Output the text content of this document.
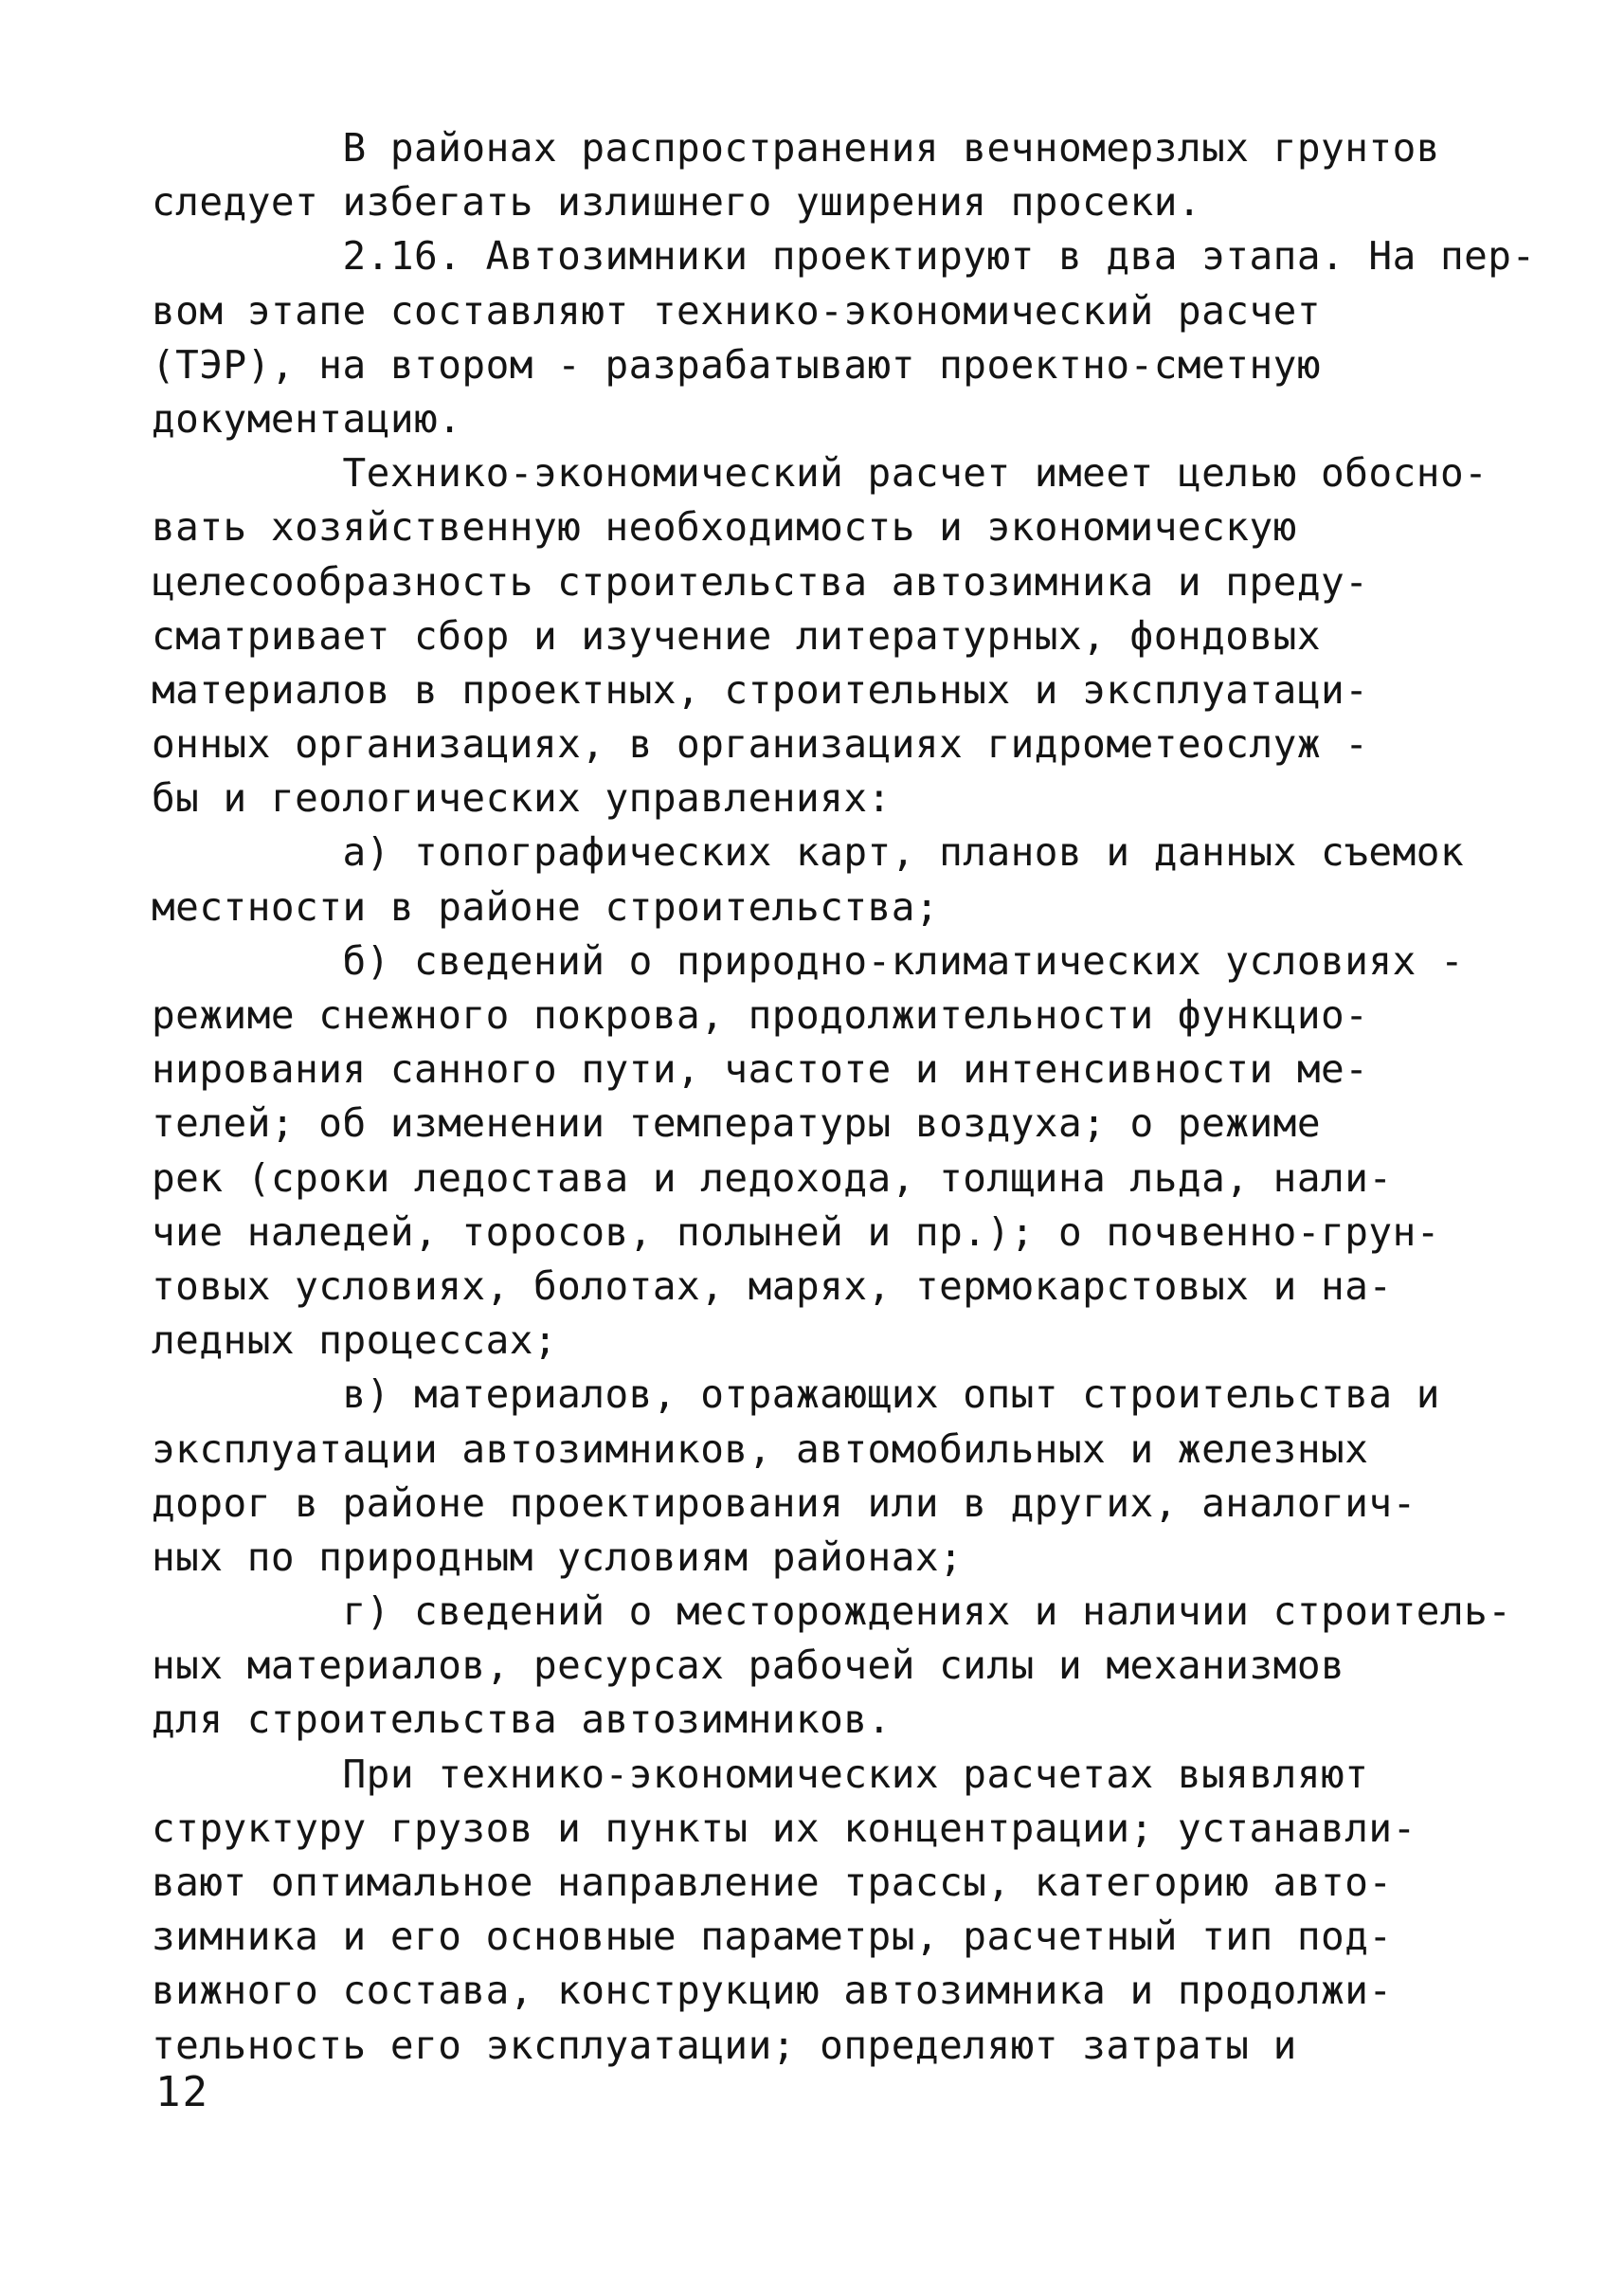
В районах распространения вечномерзлых грунтов
следует избегать излишнего уширения просеки.
2.16. Автозимники проектируют в два этапа. На пер-
вом этапе составляют технико-экономический расчет
(ТЭР), на втором - разрабатывают проектно-сметную
документацию.
Технико-экономический расчет имеет целью обосно-
вать хозяйственную необходимость и экономическую
целесообразность строительства автозимника и преду-
сматривает сбор и изучение литературных, фондовых
материалов в проектных, строительных и эксплуатаци-
онных организациях, в организациях гидрометеослуж -
бы и геологических управлениях:
а) топографических карт, планов и данных съемок
местности в районе строительства;
б) сведений о природно-климатических условиях -
режиме снежного покрова, продолжительности функцио-
нирования санного пути, частоте и интенсивности ме-
телей; об изменении температуры воздуха; о режиме
рек (сроки ледостава и ледохода, толщина льда, нали-
чие наледей, торосов, полыней и пр.); о почвенно-грун-
товых условиях, болотах, марях, термокарстовых и на-
ледных процессах;
в) материалов, отражающих опыт строительства и
эксплуатации автозимников, автомобильных и железных
дорог в районе проектирования или в других, аналогич-
ных по природным условиям районах;
г) сведений о месторождениях и наличии строитель-
ных материалов, ресурсах рабочей силы и механизмов
для строительства автозимников.
При технико-экономических расчетах выявляют
структуру грузов и пункты их концентрации; устанавли-
вают оптимальное направление трассы, категорию авто-
зимника и его основные параметры, расчетный тип под-
вижного состава, конструкцию автозимника и продолжи-
тельность его эксплуатации; определяют затраты и
12
